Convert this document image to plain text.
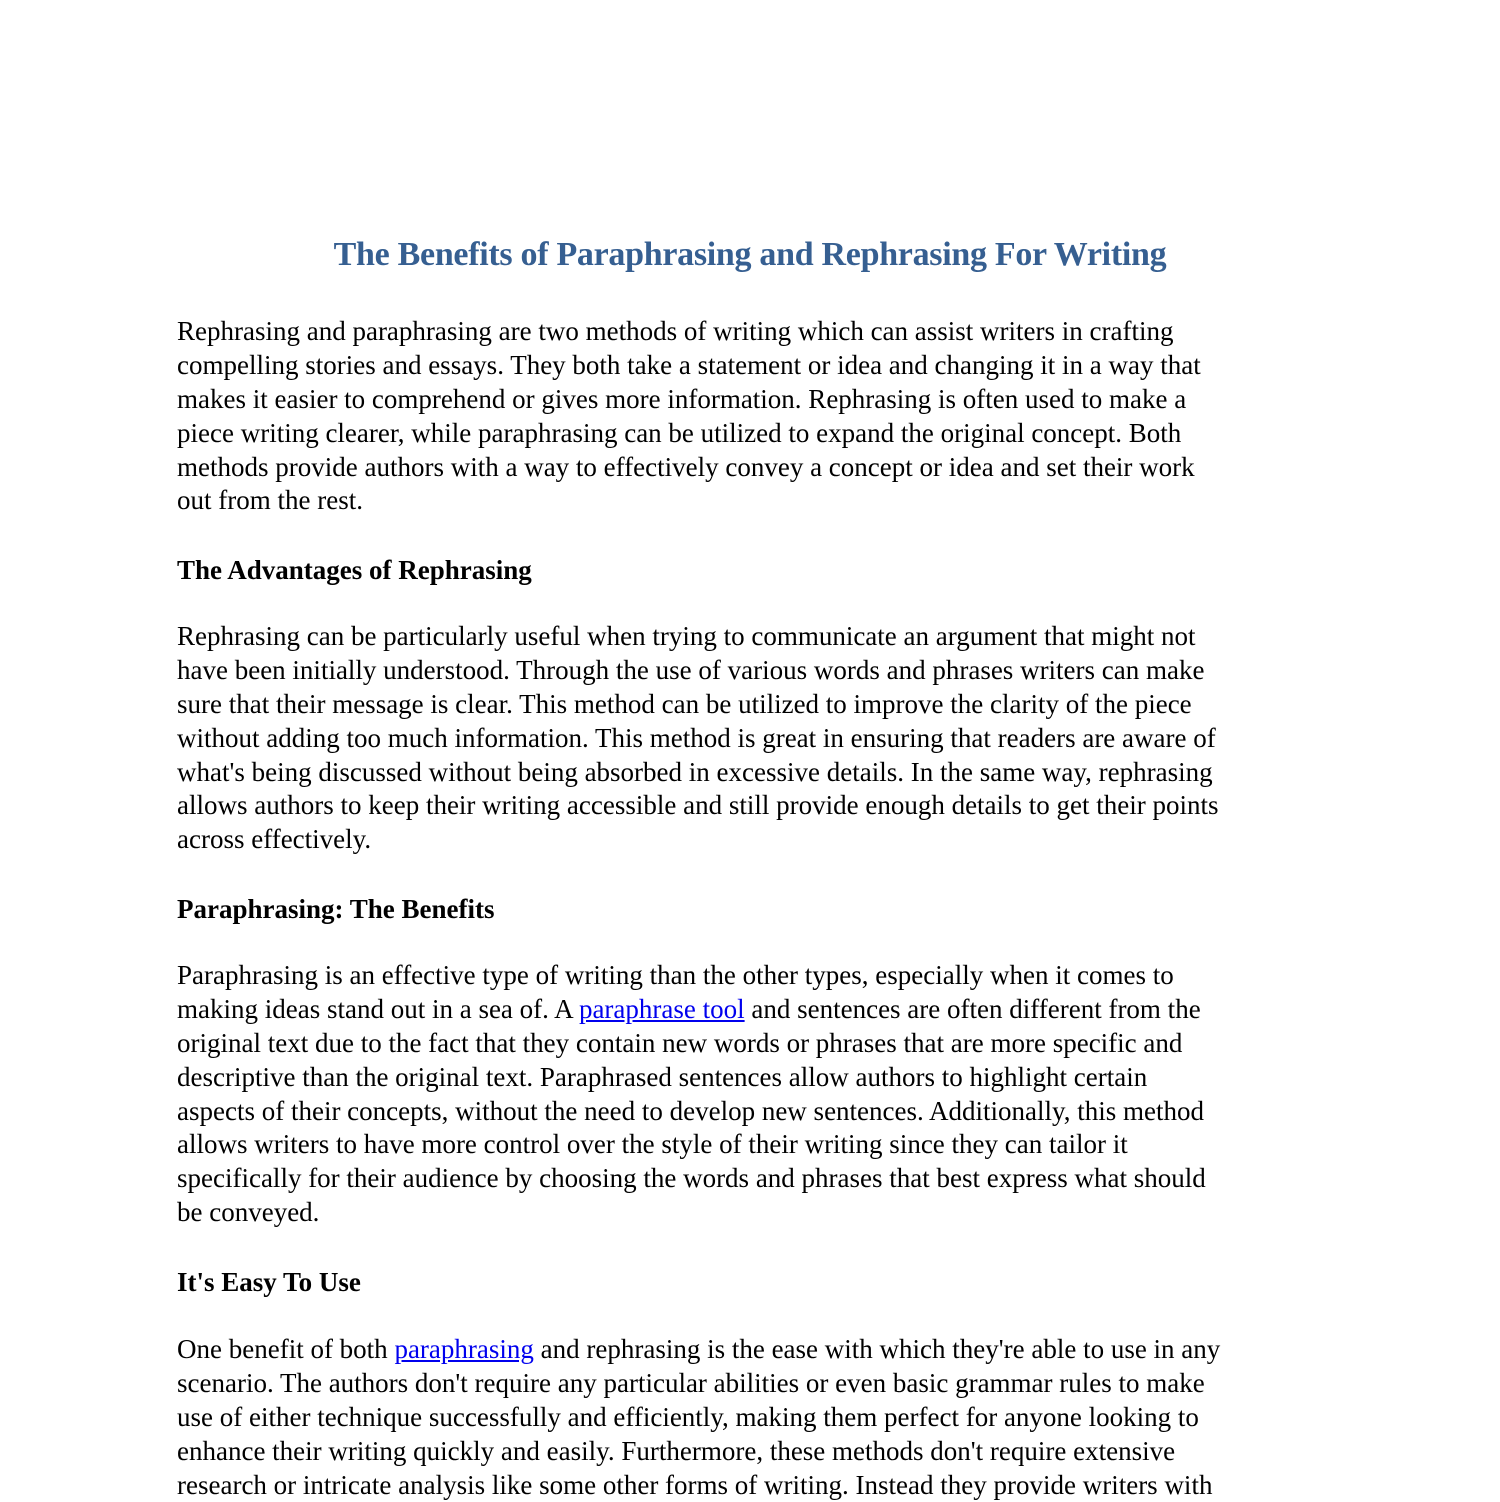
The Benefits of Paraphrasing and Rephrasing For Writing
Rephrasing and paraphrasing are two methods of writing which can assist writers in crafting
compelling stories and essays. They both take a statement or idea and changing it in a way that
makes it easier to comprehend or gives more information. Rephrasing is often used to make a
piece writing clearer, while paraphrasing can be utilized to expand the original concept. Both
methods provide authors with a way to effectively convey a concept or idea and set their work
out from the rest.
The Advantages of Rephrasing
Rephrasing can be particularly useful when trying to communicate an argument that might not
have been initially understood. Through the use of various words and phrases writers can make
sure that their message is clear. This method can be utilized to improve the clarity of the piece
without adding too much information. This method is great in ensuring that readers are aware of
what's being discussed without being absorbed in excessive details. In the same way, rephrasing
allows authors to keep their writing accessible and still provide enough details to get their points
across effectively.
Paraphrasing: The Benefits
Paraphrasing is an effective type of writing than the other types, especially when it comes to
making ideas stand out in a sea of. A paraphrase tool and sentences are often different from the
original text due to the fact that they contain new words or phrases that are more specific and
descriptive than the original text. Paraphrased sentences allow authors to highlight certain
aspects of their concepts, without the need to develop new sentences. Additionally, this method
allows writers to have more control over the style of their writing since they can tailor it
specifically for their audience by choosing the words and phrases that best express what should
be conveyed.
It's Easy To Use
One benefit of both paraphrasing and rephrasing is the ease with which they're able to use in any
scenario. The authors don't require any particular abilities or even basic grammar rules to make
use of either technique successfully and efficiently, making them perfect for anyone looking to
enhance their writing quickly and easily. Furthermore, these methods don't require extensive
research or intricate analysis like some other forms of writing. Instead they provide writers with
